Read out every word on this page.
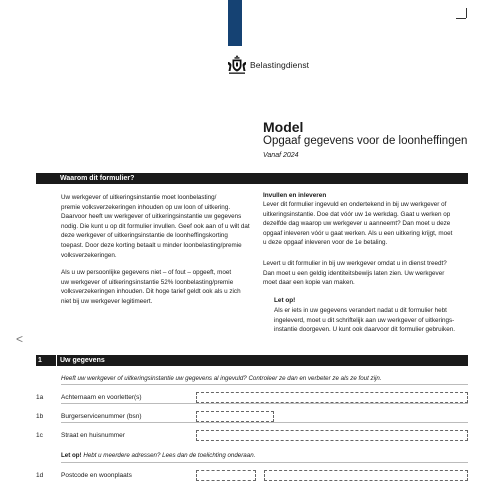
Belastingdienst
<
Model
Opgaaf gegevens voor de loonheffingen
Vanaf 2024
Waarom dit formulier?
Uw werkgever of uitkeringsinstantie moet loonbelasting/
premie volksverzekeringen inhouden op uw loon of uitkering.
Daarvoor heeft uw werkgever of uitkeringsinstantie uw gegevens
nodig. Die kunt u op dit formulier invullen. Geef ook aan of u wilt dat
deze werkgever of uitkeringsinstantie de loonheffingskorting
toepast. Door deze korting betaalt u minder loonbelasting/premie
volksverzekeringen.
Als u uw persoonlijke gegevens niet – of fout – opgeeft, moet
uw werkgever of uitkeringsinstantie 52% loonbelasting/premie
volksverzekeringen inhouden. Dit hoge tarief geldt ook als u zich
niet bij uw werkgever legitimeert.
Invullen en inleveren
Lever dit formulier ingevuld en ondertekend in bij uw werkgever of
uitkeringsinstantie. Doe dat vóór uw 1e werkdag. Gaat u werken op
dezelfde dag waarop uw werkgever u aanneemt? Dan moet u deze
opgaaf inleveren vóór u gaat werken. Als u een uitkering krijgt, moet
u deze opgaaf inleveren voor de 1e betaling.
Levert u dit formulier in bij uw werkgever omdat u in dienst treedt?
Dan moet u een geldig identiteitsbewijs laten zien. Uw werkgever
moet daar een kopie van maken.
Let op!
Als er iets in uw gegevens verandert nadat u dit formulier hebt
ingeleverd, moet u dit schriftelijk aan uw werkgever of uitkerings-
instantie doorgeven. U kunt ook daarvoor dit formulier gebruiken.
1	Uw gegevens
Heeft uw werkgever of uitkeringsinstantie uw gegevens al ingevuld? Controleer ze dan en verbeter ze als ze fout zijn.
1a	Achternaam en voorletter(s)
1b	Burgerservicenummer (bsn)
1c	Straat en huisnummer
Let op! Hebt u meerdere adressen? Lees dan de toelichting onderaan.
1d	Postcode en woonplaats
